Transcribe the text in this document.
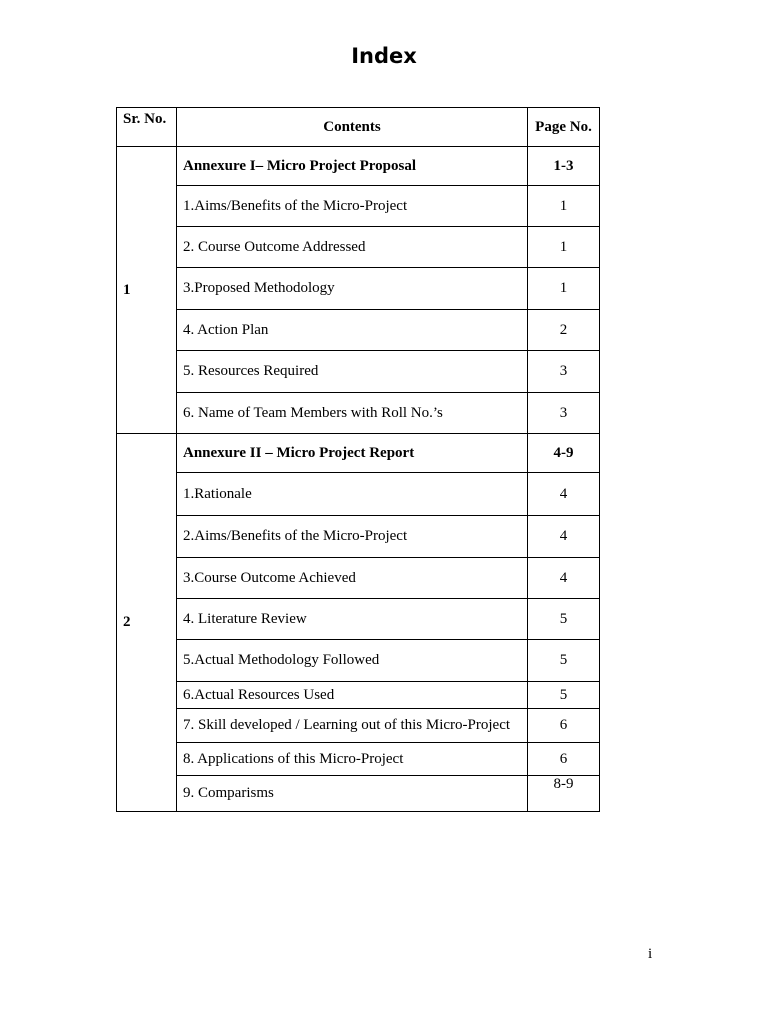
Index
Sr. No.	Contents	Page No.
1	Annexure I– Micro Project Proposal	1-3
	1.Aims/Benefits of the Micro-Project	1
	2. Course Outcome Addressed	1
	3.Proposed Methodology	1
	4. Action Plan	2
	5. Resources Required	3
	6. Name of Team Members with Roll No.’s	3
2	Annexure II – Micro Project Report	4-9
	1.Rationale	4
	2.Aims/Benefits of the Micro-Project	4
	3.Course Outcome Achieved	4
	4. Literature Review	5
	5.Actual Methodology Followed	5
	6.Actual Resources Used	5
	7. Skill developed / Learning out of this Micro-Project	6
	8. Applications of this Micro-Project	6
	9. Comparisms	8-9
i
